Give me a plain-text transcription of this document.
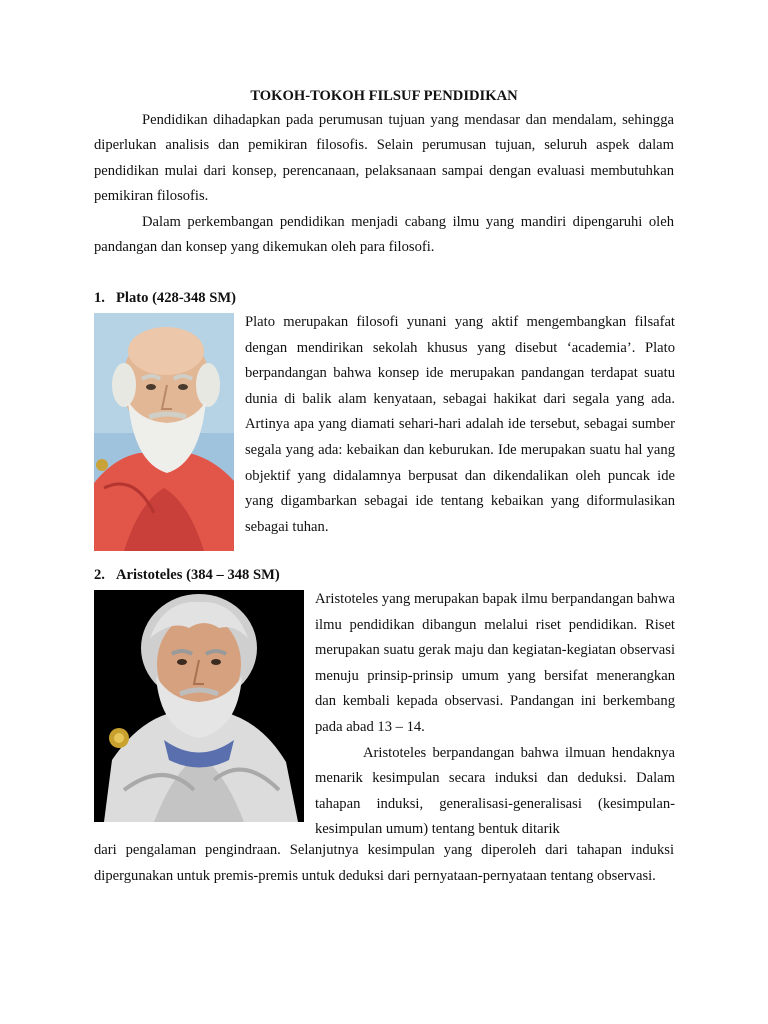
TOKOH-TOKOH FILSUF PENDIDIKAN

Pendidikan dihadapkan pada perumusan tujuan yang mendasar dan mendalam, sehingga diperlukan analisis dan pemikiran filosofis. Selain perumusan tujuan, seluruh aspek dalam pendidikan mulai dari konsep, perencanaan, pelaksanaan sampai dengan evaluasi membutuhkan pemikiran filosofis.

Dalam perkembangan pendidikan menjadi cabang ilmu yang mandiri dipengaruhi oleh pandangan dan konsep yang dikemukan oleh para filosofi.

1. Plato (428-348 SM)

Plato merupakan filosofi yunani yang aktif mengembangkan filsafat dengan mendirikan sekolah khusus yang disebut ‘academia’. Plato berpandangan bahwa konsep ide merupakan pandangan terdapat suatu dunia di balik alam kenyataan, sebagai hakikat dari segala yang ada. Artinya apa yang diamati sehari-hari adalah ide tersebut, sebagai sumber segala yang ada: kebaikan dan keburukan. Ide merupakan suatu hal yang objektif yang didalamnya berpusat dan dikendalikan oleh puncak ide yang digambarkan sebagai ide tentang kebaikan yang diformulasikan sebagai tuhan.

2. Aristoteles (384 – 348 SM)

Aristoteles yang merupakan bapak ilmu berpandangan bahwa ilmu pendidikan dibangun melalui riset pendidikan. Riset merupakan suatu gerak maju dan kegiatan-kegiatan observasi menuju prinsip-prinsip umum yang bersifat menerangkan dan kembali kepada observasi. Pandangan ini berkembang pada abad 13 – 14.

Aristoteles berpandangan bahwa ilmuan hendaknya menarik kesimpulan secara induksi dan deduksi. Dalam tahapan induksi, generalisasi-generalisasi (kesimpulan-kesimpulan umum) tentang bentuk ditarik

dari pengalaman pengindraan. Selanjutnya kesimpulan yang diperoleh dari tahapan induksi dipergunakan untuk premis-premis untuk deduksi dari pernyataan-pernyataan tentang observasi.
